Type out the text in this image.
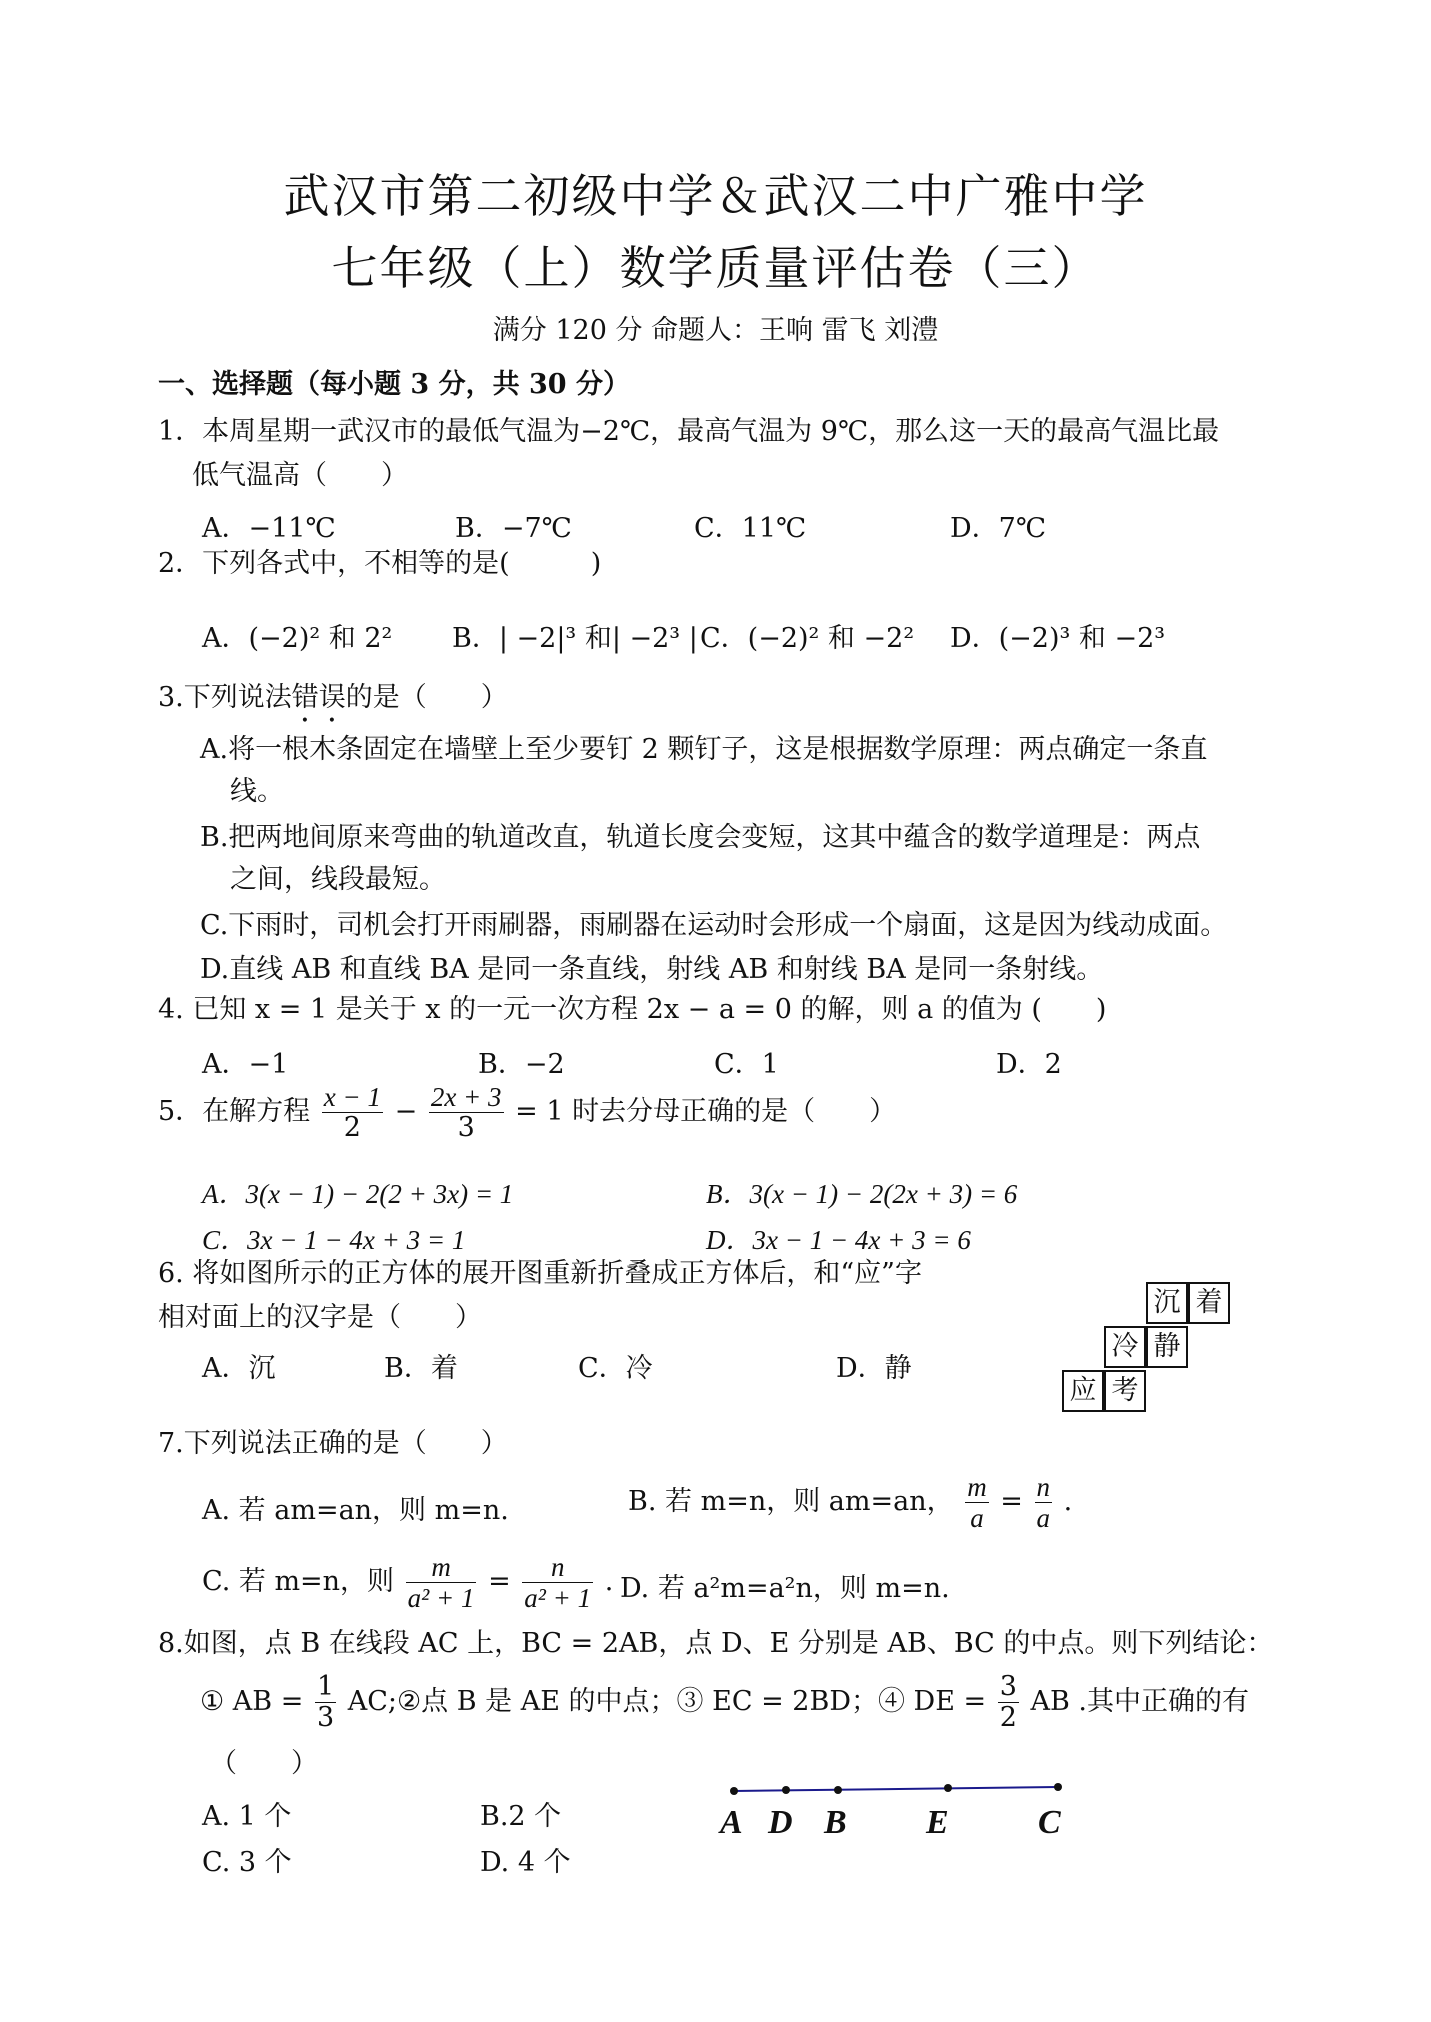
武汉市第二初级中学＆武汉二中广雅中学
七年级（上）数学质量评估卷（三）
满分 120 分 命题人：王响 雷飞 刘澧
一、选择题（每小题 3 分，共 30 分）
1．本周星期一武汉市的最低气温为−2℃，最高气温为 9℃，那么这一天的最高气温比最
低气温高（　　）
A．−11℃	B．−7℃	C．11℃	D．7℃
2．下列各式中，不相等的是(　　　)
A．(−2)² 和 2² B．| −2|³ 和| −2³ | C．(−2)² 和 −2² D．(−2)³ 和 −2³
3.下列说法错误的是（　　）
A.将一根木条固定在墙壁上至少要钉 2 颗钉子，这是根据数学原理：两点确定一条直
线。
B.把两地间原来弯曲的轨道改直，轨道长度会变短，这其中蕴含的数学道理是：两点
之间，线段最短。
C.下雨时，司机会打开雨刷器，雨刷器在运动时会形成一个扇面，这是因为线动成面。
D.直线 AB 和直线 BA 是同一条直线，射线 AB 和射线 BA 是同一条射线。
4. 已知 x = 1 是关于 x 的一元一次方程 2x − a = 0 的解，则 a 的值为 (　　)
A．−1	B．−2	C．1	D．2
5．在解方程 $\frac{x - 1}{2} - \frac{2x + 3}{3} = 1$ 时去分母正确的是（　　）
A．3(x − 1) − 2(2 + 3x) = 1	B．3(x − 1) − 2(2x + 3) = 6
C．3x − 1 − 4x + 3 = 1	D．3x − 1 − 4x + 3 = 6
6. 将如图所示的正方体的展开图重新折叠成正方体后，和“应”字
相对面上的汉字是（　　）
A．沉	B．着	C．冷	D．静
沉 着
冷 静
应 考
7.下列说法正确的是（　　）
A. 若 am=an，则 m=n.	B. 若 m=n，则 am=an， $\frac{m}{a} = \frac{n}{a}$ .
C. 若 m=n，则 $\frac{m}{\text{a² + 1}} = \frac{n}{\text{a² + 1}}$ . D. 若 a²m=a²n，则 m=n.
8.如图，点 B 在线段 AC 上，BC = 2AB，点 D、E 分别是 AB、BC 的中点。则下列结论：
① AB = $\frac{1}{3}$ AC;②点 B 是 AE 的中点；③ EC = 2BD；④ DE = $\frac{3}{2}$ AB .其中正确的有
（　　）
A. 1 个	B.2 个
C. 3 个	D. 4 个
A D B E	C
